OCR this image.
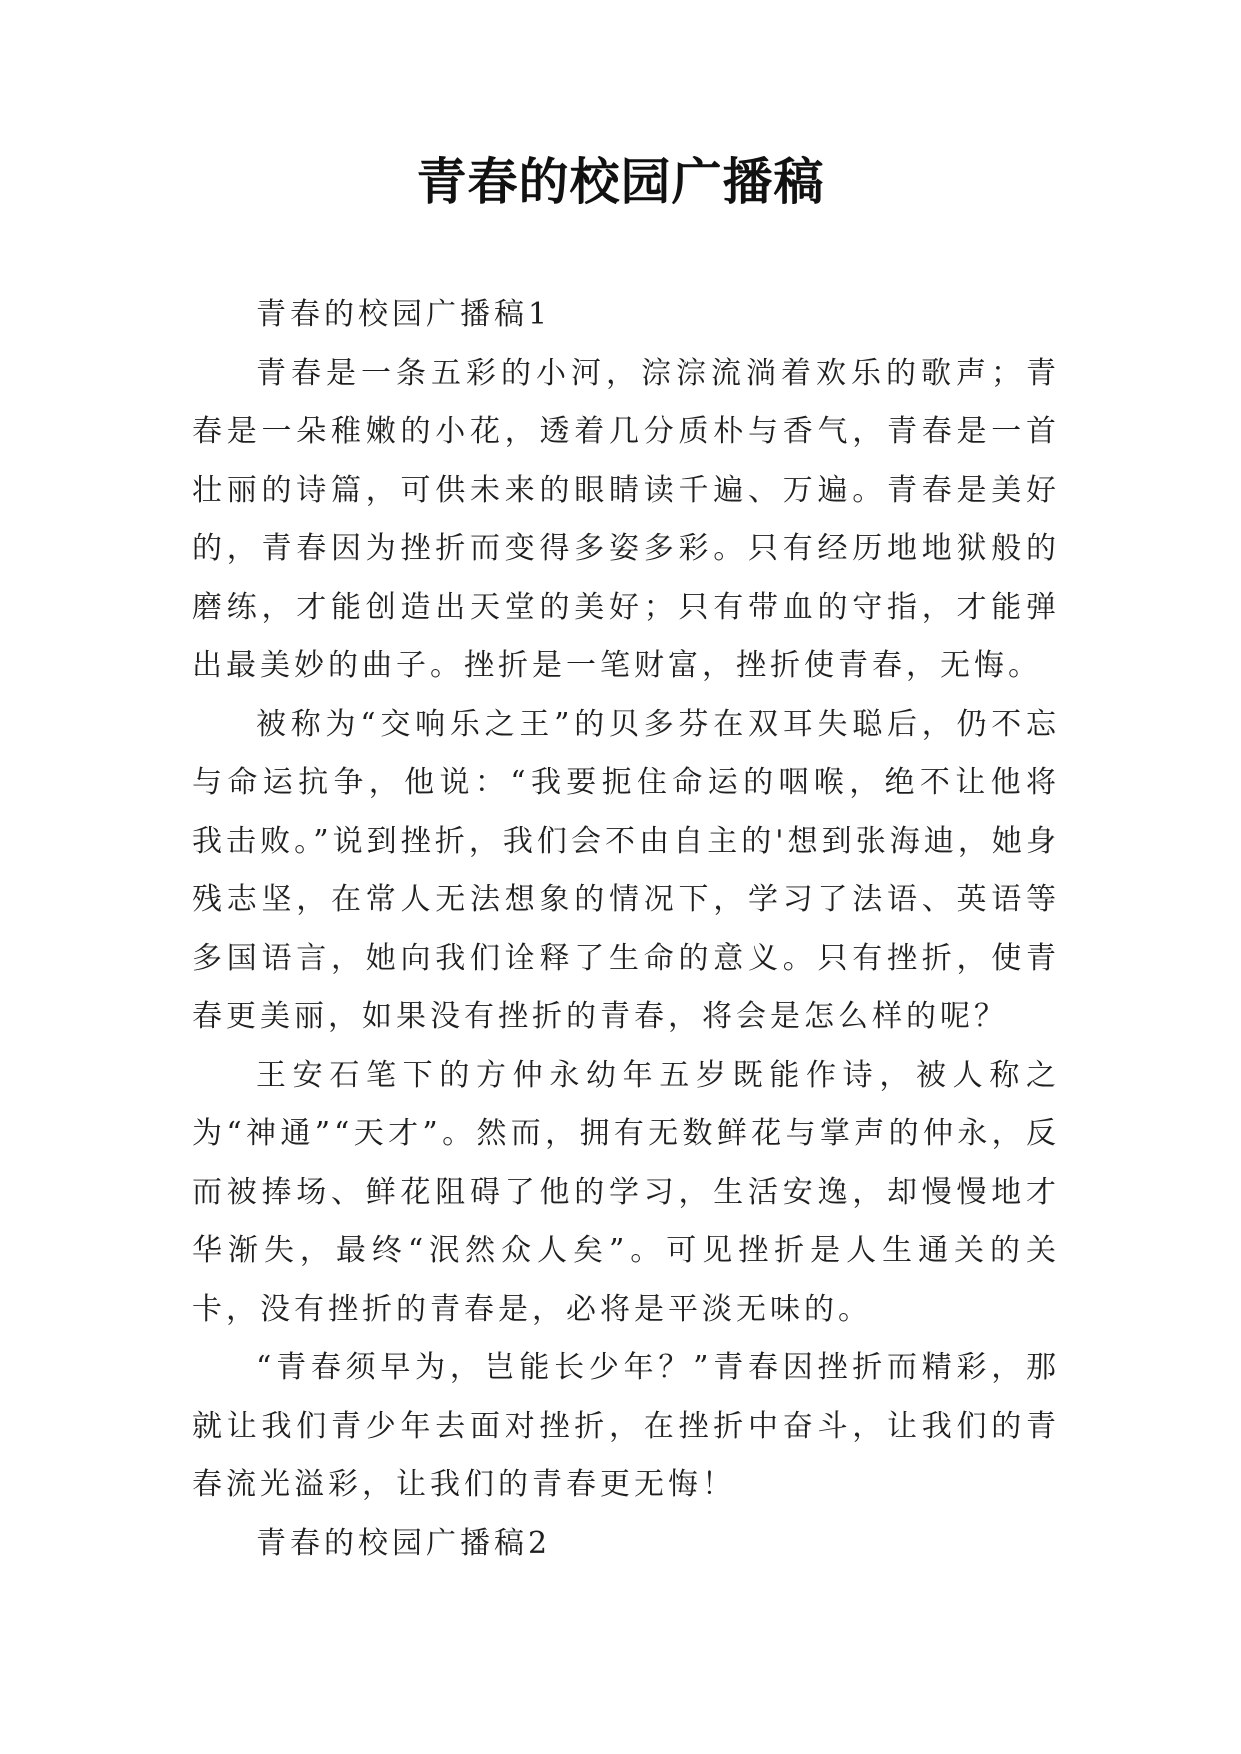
青春的校园广播稿

青春的校园广播稿1

青春是一条五彩的小河，淙淙流淌着欢乐的歌声；青春是一朵稚嫩的小花，透着几分质朴与香气，青春是一首壮丽的诗篇，可供未来的眼睛读千遍、万遍。青春是美好的，青春因为挫折而变得多姿多彩。只有经历地地狱般的磨练，才能创造出天堂的美好；只有带血的守指，才能弹出最美妙的曲子。挫折是一笔财富，挫折使青春，无悔。

被称为“交响乐之王”的贝多芬在双耳失聪后，仍不忘与命运抗争，他说：“我要扼住命运的咽喉，绝不让他将我击败。”说到挫折，我们会不由自主的'想到张海迪，她身残志坚，在常人无法想象的情况下，学习了法语、英语等多国语言，她向我们诠释了生命的意义。只有挫折，使青春更美丽，如果没有挫折的青春，将会是怎么样的呢？

王安石笔下的方仲永幼年五岁既能作诗，被人称之为“神通”“天才”。然而，拥有无数鲜花与掌声的仲永，反而被捧场、鲜花阻碍了他的学习，生活安逸，却慢慢地才华渐失，最终“泯然众人矣”。可见挫折是人生通关的关卡，没有挫折的青春是，必将是平淡无味的。

“青春须早为，岂能长少年？”青春因挫折而精彩，那就让我们青少年去面对挫折，在挫折中奋斗，让我们的青春流光溢彩，让我们的青春更无悔！

青春的校园广播稿2
